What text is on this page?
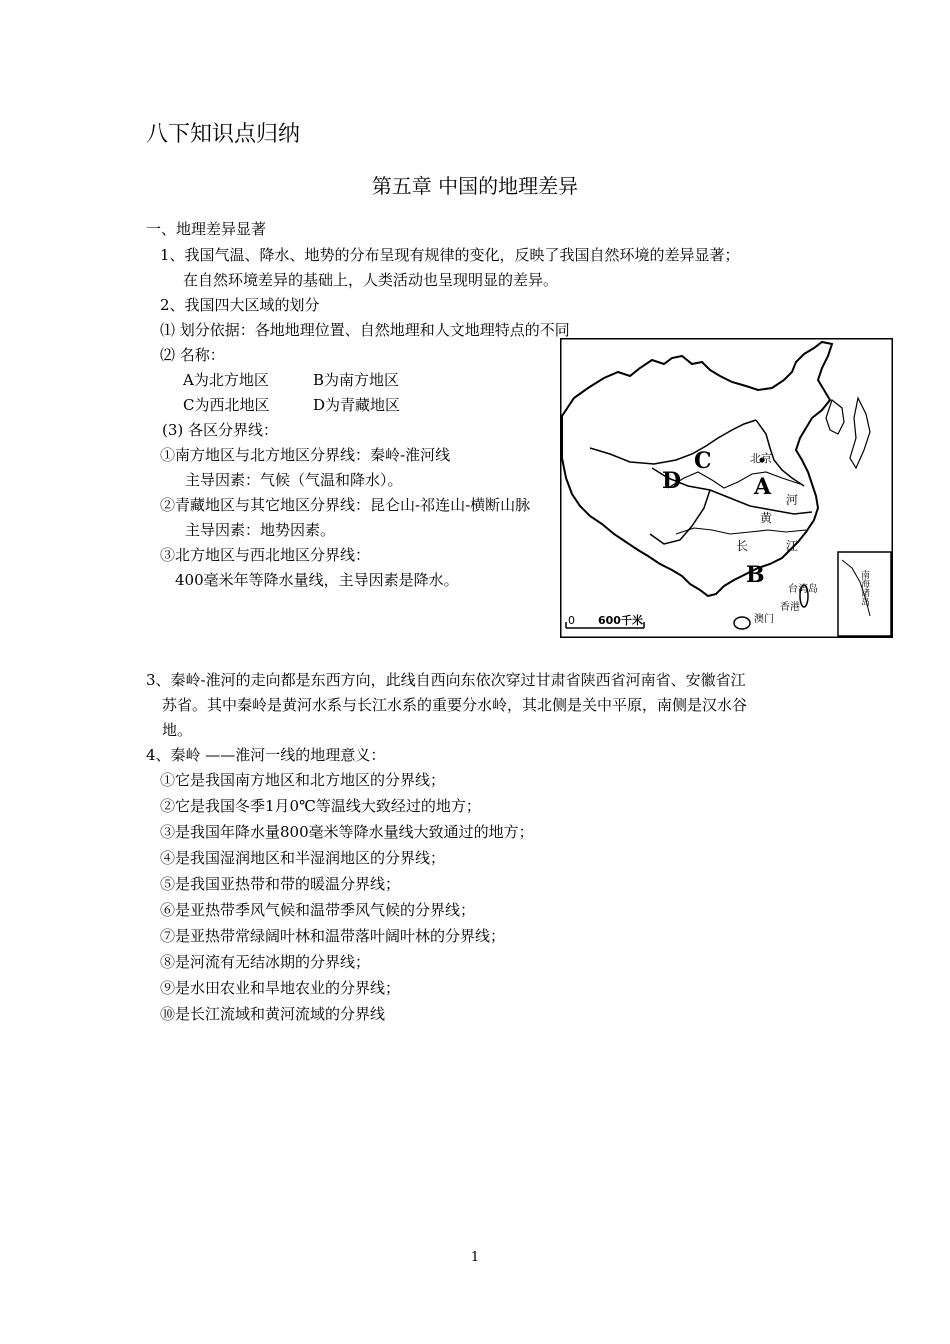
八下知识点归纳
第五章 中国的地理差异
一、地理差异显著
1、我国气温、降水、地势的分布呈现有规律的变化，反映了我国自然环境的差异显著；
在自然环境差异的基础上，人类活动也呈现明显的差异。
2、我国四大区域的划分
⑴ 划分依据：各地地理位置、自然地理和人文地理特点的不同
⑵ 名称：
A为北方地区	B为南方地区
C为西北地区	D为青藏地区
(3) 各区分界线：
①南方地区与北方地区分界线：秦岭-淮河线
主导因素：气候（气温和降水）。
②青藏地区与其它地区分界线：昆仑山-祁连山-横断山脉
主导因素：地势因素。
③北方地区与西北地区分界线：
400毫米年等降水量线，主导因素是降水。
D
C
A
B
北京
河
黄
长	江
台湾岛
香港
澳门
0 600千米
南海诸岛
3、秦岭-淮河的走向都是东西方向，此线自西向东依次穿过甘肃省陕西省河南省、安徽省江
苏省。其中秦岭是黄河水系与长江水系的重要分水岭，其北侧是关中平原，南侧是汉水谷
地。
4、秦岭 ——淮河一线的地理意义：
①它是我国南方地区和北方地区的分界线；
②它是我国冬季1月0℃等温线大致经过的地方；
③是我国年降水量800毫米等降水量线大致通过的地方；
④是我国湿润地区和半湿润地区的分界线；
⑤是我国亚热带和带的暖温分界线；
⑥是亚热带季风气候和温带季风气候的分界线；
⑦是亚热带常绿阔叶林和温带落叶阔叶林的分界线；
⑧是河流有无结冰期的分界线；
⑨是水田农业和旱地农业的分界线；
⑩是长江流域和黄河流域的分界线
1
